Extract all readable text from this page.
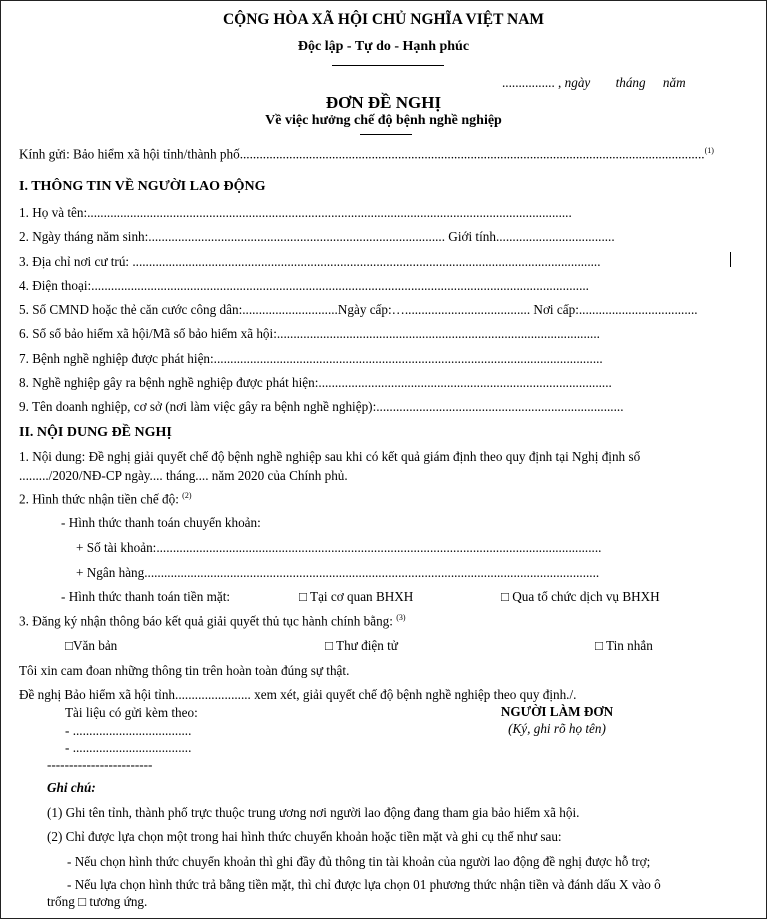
CỘNG HÒA XÃ HỘI CHỦ NGHĨA VIỆT NAM
Độc lập - Tự do - Hạnh phúc
................ , ngày tháng năm
ĐƠN ĐỀ NGHỊ
Về việc hưởng chế độ bệnh nghề nghiệp
Kính gửi: Bảo hiểm xã hội tỉnh/thành phố.............................................................................................................................................$^{(1)}$
I. THÔNG TIN VỀ NGƯỜI LAO ĐỘNG
1. Họ và tên:...................................................................................................................................................
2. Ngày tháng năm sinh:.......................................................................................... Giới tính....................................
3. Địa chỉ nơi cư trú: ..............................................................................................................................................
4. Điện thoại:.......................................................................................................................................................
5. Số CMND hoặc thẻ căn cước công dân:.............................Ngày cấp:…...................................... Nơi cấp:....................................
6. Số sổ bảo hiểm xã hội/Mã số bảo hiểm xã hội:..................................................................................................
7. Bệnh nghề nghiệp được phát hiện:......................................................................................................................
8. Nghề nghiệp gây ra bệnh nghề nghiệp được phát hiện:.........................................................................................
9. Tên doanh nghiệp, cơ sở (nơi làm việc gây ra bệnh nghề nghiệp):...........................................................................
II. NỘI DUNG ĐỀ NGHỊ
1. Nội dung: Đề nghị giải quyết chế độ bệnh nghề nghiệp sau khi có kết quả giám định theo quy định tại Nghị định số
........./2020/NĐ-CP ngày.... tháng.... năm 2020 của Chính phủ.
2. Hình thức nhận tiền chế độ: $^{(2)}$
- Hình thức thanh toán chuyển khoản:
+ Số tài khoản:.......................................................................................................................................
+ Ngân hàng..........................................................................................................................................
- Hình thức thanh toán tiền mặt:	□ Tại cơ quan BHXH	□ Qua tổ chức dịch vụ BHXH
3. Đăng ký nhận thông báo kết quả giải quyết thủ tục hành chính bằng: $^{(3)}$
□Văn bản	□ Thư điện tử	□ Tin nhắn
Tôi xin cam đoan những thông tin trên hoàn toàn đúng sự thật.
Đề nghị Bảo hiểm xã hội tỉnh....................... xem xét, giải quyết chế độ bệnh nghề nghiệp theo quy định./.
Tài liệu có gửi kèm theo:
- ....................................
- ....................................
NGƯỜI LÀM ĐƠN
(Ký, ghi rõ họ tên)
------------------------
Ghi chú:
(1) Ghi tên tỉnh, thành phố trực thuộc trung ương nơi người lao động đang tham gia bảo hiểm xã hội.
(2) Chỉ được lựa chọn một trong hai hình thức chuyển khoản hoặc tiền mặt và ghi cụ thể như sau:
- Nếu chọn hình thức chuyển khoản thì ghi đầy đủ thông tin tài khoản của người lao động đề nghị được hỗ trợ;
- Nếu lựa chọn hình thức trả bằng tiền mặt, thì chỉ được lựa chọn 01 phương thức nhận tiền và đánh dấu X vào ô
trống □ tương ứng.
